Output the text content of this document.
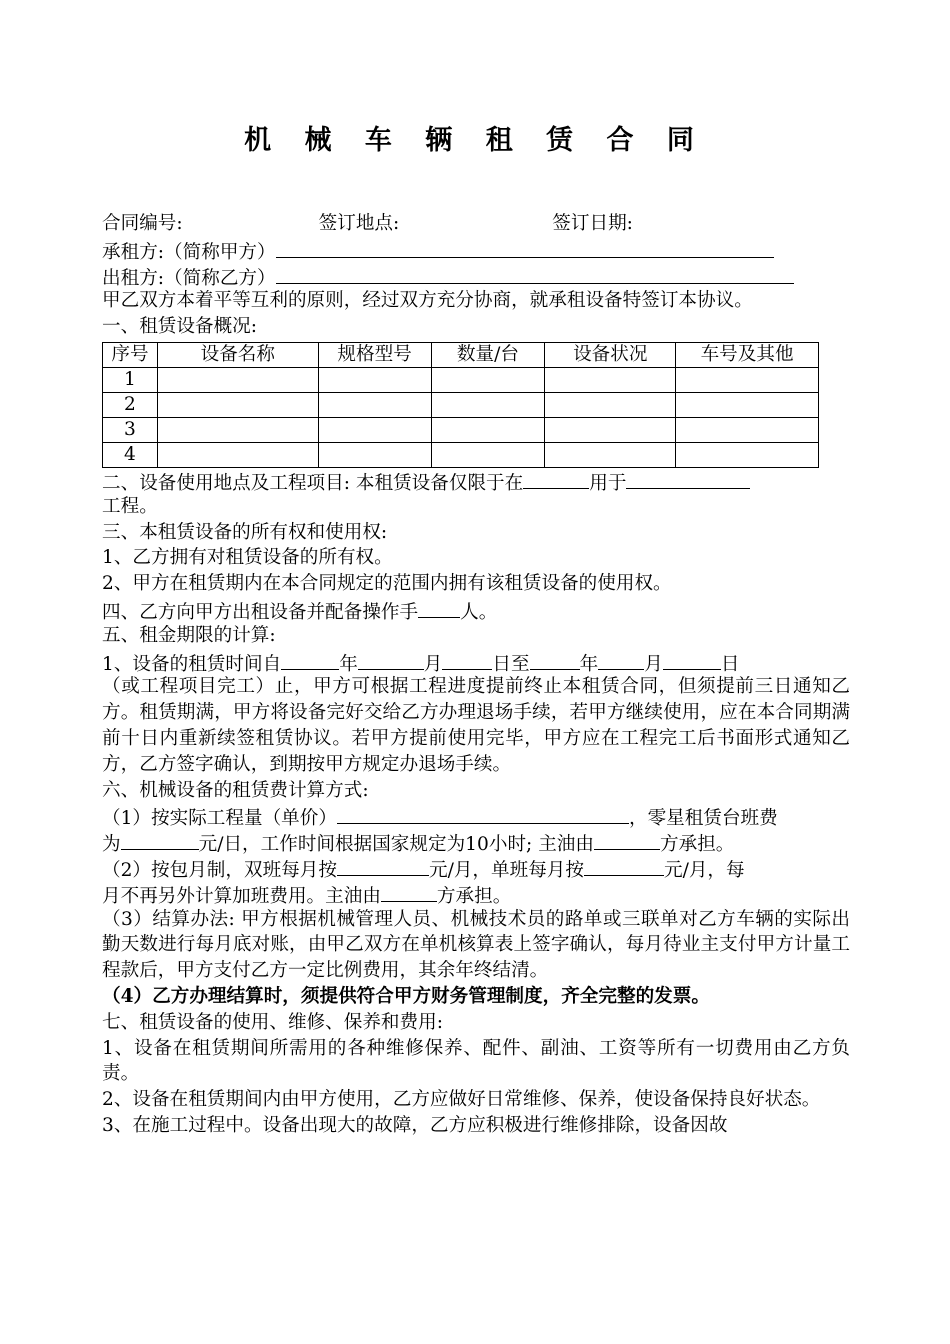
机 械 车 辆 租 赁 合 同
合同编号:	签订地点:	签订日期:
承租方:（简称甲方）
出租方:（简称乙方）
甲乙双方本着平等互利的原则，经过双方充分协商，就承租设备特签订本协议。
一、租赁设备概况:
序号	设备名称	规格型号	数量/台	设备状况	车号及其他
1					
2					
3					
4					
二、设备使用地点及工程项目: 本租赁设备仅限于在	用于
工程。
三、本租赁设备的所有权和使用权:
1、乙方拥有对租赁设备的所有权。
2、甲方在租赁期内在本合同规定的范围内拥有该租赁设备的使用权。
四、乙方向甲方出租设备并配备操作手 人。
五、租金期限的计算:
1、设备的租赁时间自	年	月	日至	年 月	日
（或工程项目完工）止，甲方可根据工程进度提前终止本租赁合同，但须提前三日通知乙方。租赁期满，甲方将设备完好交给乙方办理退场手续，若甲方继续使用，应在本合同期满前十日内重新续签租赁协议。若甲方提前使用完毕，甲方应在工程完工后书面形式通知乙方，乙方签字确认，到期按甲方规定办退场手续。
六、机械设备的租赁费计算方式:
（1）按实际工程量（单价）	，零星租赁台班费
为	元/日，工作时间根据国家规定为10小时; 主油由	方承担。
（2）按包月制，双班每月按	元/月，单班每月按	元/月，每
月不再另外计算加班费用。主油由	方承担。
（3）结算办法: 甲方根据机械管理人员、机械技术员的路单或三联单对乙方车辆的实际出勤天数进行每月底对账，由甲乙双方在单机核算表上签字确认，每月待业主支付甲方计量工程款后，甲方支付乙方一定比例费用，其余年终结清。
（4）乙方办理结算时，须提供符合甲方财务管理制度，齐全完整的发票。
七、租赁设备的使用、维修、保养和费用:
1、设备在租赁期间所需用的各种维修保养、配件、副油、工资等所有一切费用由乙方负责。
2、设备在租赁期间内由甲方使用，乙方应做好日常维修、保养，使设备保持良好状态。
3、在施工过程中。设备出现大的故障，乙方应积极进行维修排除，设备因故
